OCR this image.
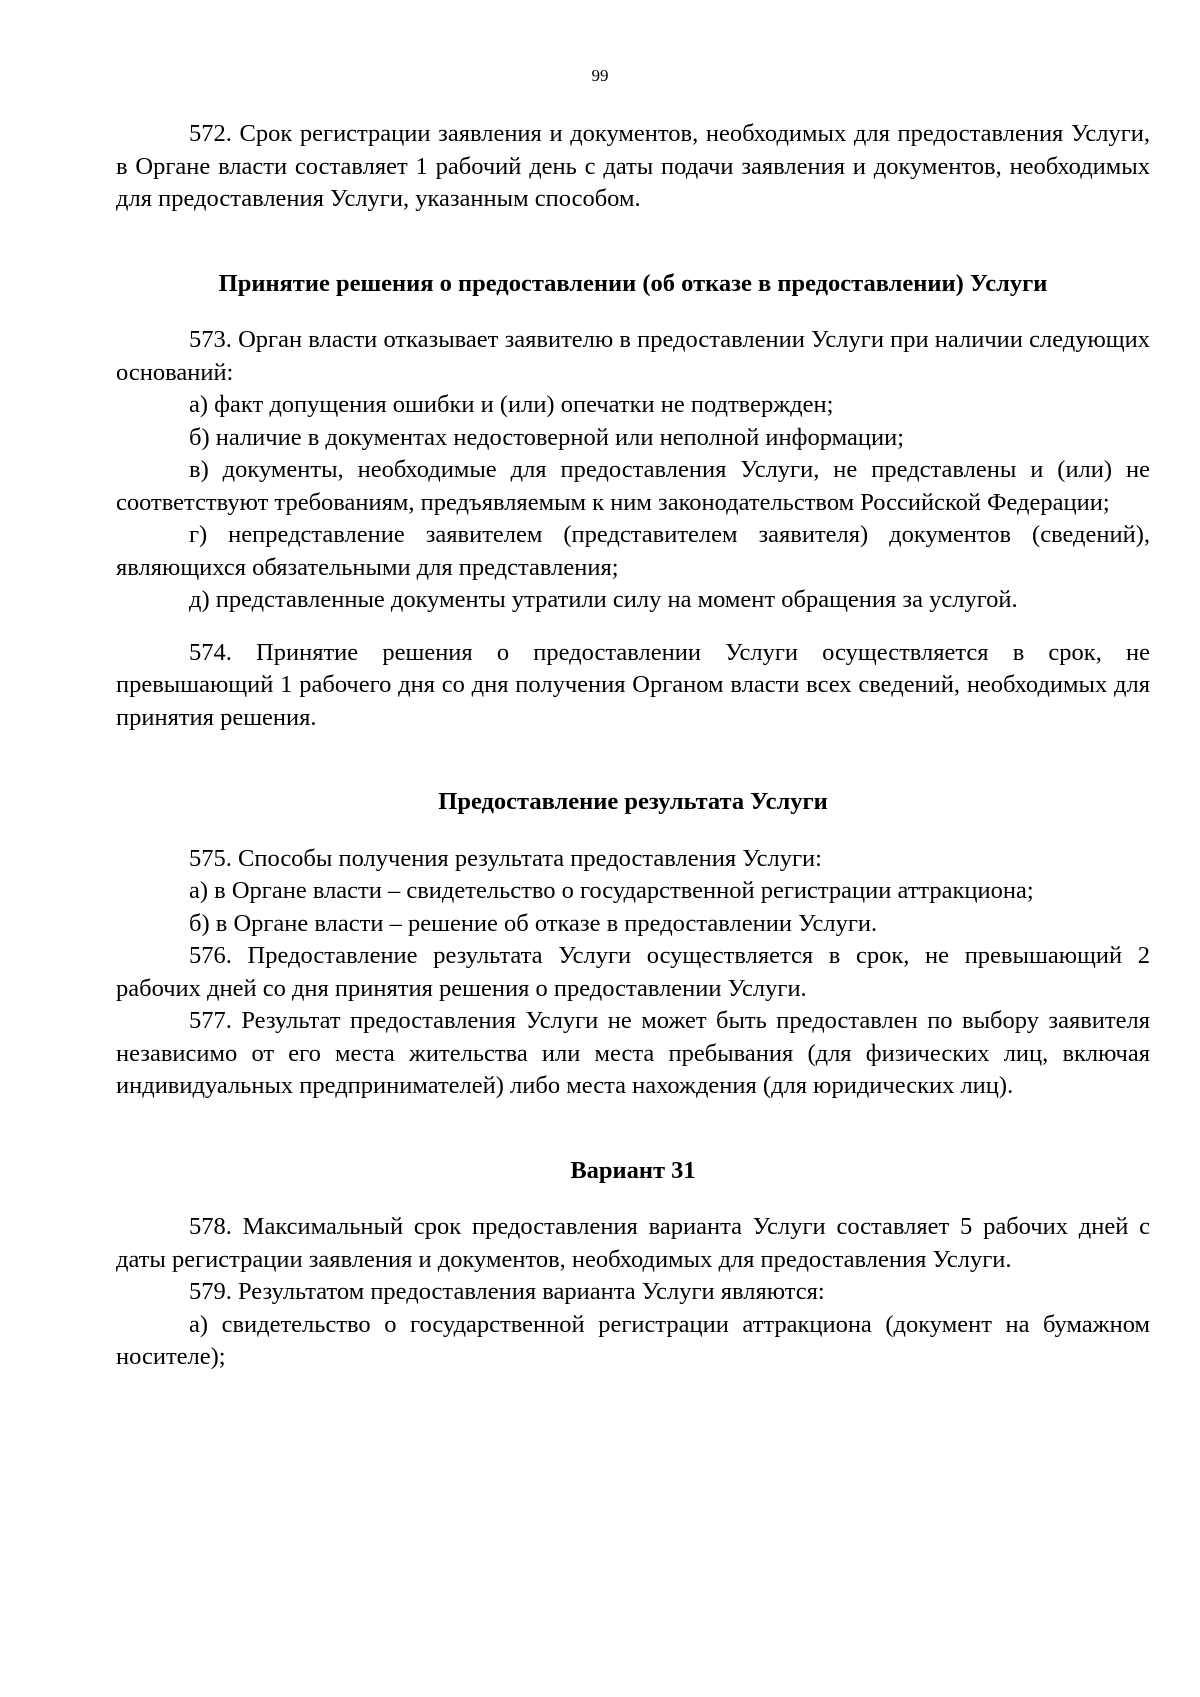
99

572. Срок регистрации заявления и документов, необходимых для предоставления Услуги, в Органе власти составляет 1 рабочий день с даты подачи заявления и документов, необходимых для предоставления Услуги, указанным способом.

Принятие решения о предоставлении (об отказе в предоставлении) Услуги

573. Орган власти отказывает заявителю в предоставлении Услуги при наличии следующих оснований:

а) факт допущения ошибки и (или) опечатки не подтвержден;

б) наличие в документах недостоверной или неполной информации;

в) документы, необходимые для предоставления Услуги, не представлены и (или) не соответствуют требованиям, предъявляемым к ним законодательством Российской Федерации;

г) непредставление заявителем (представителем заявителя) документов (сведений), являющихся обязательными для представления;

д) представленные документы утратили силу на момент обращения за услугой.

574. Принятие решения о предоставлении Услуги осуществляется в срок, не превышающий 1 рабочего дня со дня получения Органом власти всех сведений, необходимых для принятия решения.

Предоставление результата Услуги

575. Способы получения результата предоставления Услуги:

а) в Органе власти – свидетельство о государственной регистрации аттракциона;

б) в Органе власти – решение об отказе в предоставлении Услуги.

576. Предоставление результата Услуги осуществляется в срок, не превышающий 2 рабочих дней со дня принятия решения о предоставлении Услуги.

577. Результат предоставления Услуги не может быть предоставлен по выбору заявителя независимо от его места жительства или места пребывания (для физических лиц, включая индивидуальных предпринимателей) либо места нахождения (для юридических лиц).

Вариант 31

578. Максимальный срок предоставления варианта Услуги составляет 5 рабочих дней с даты регистрации заявления и документов, необходимых для предоставления Услуги.

579. Результатом предоставления варианта Услуги являются:

а) свидетельство о государственной регистрации аттракциона (документ на бумажном носителе);
